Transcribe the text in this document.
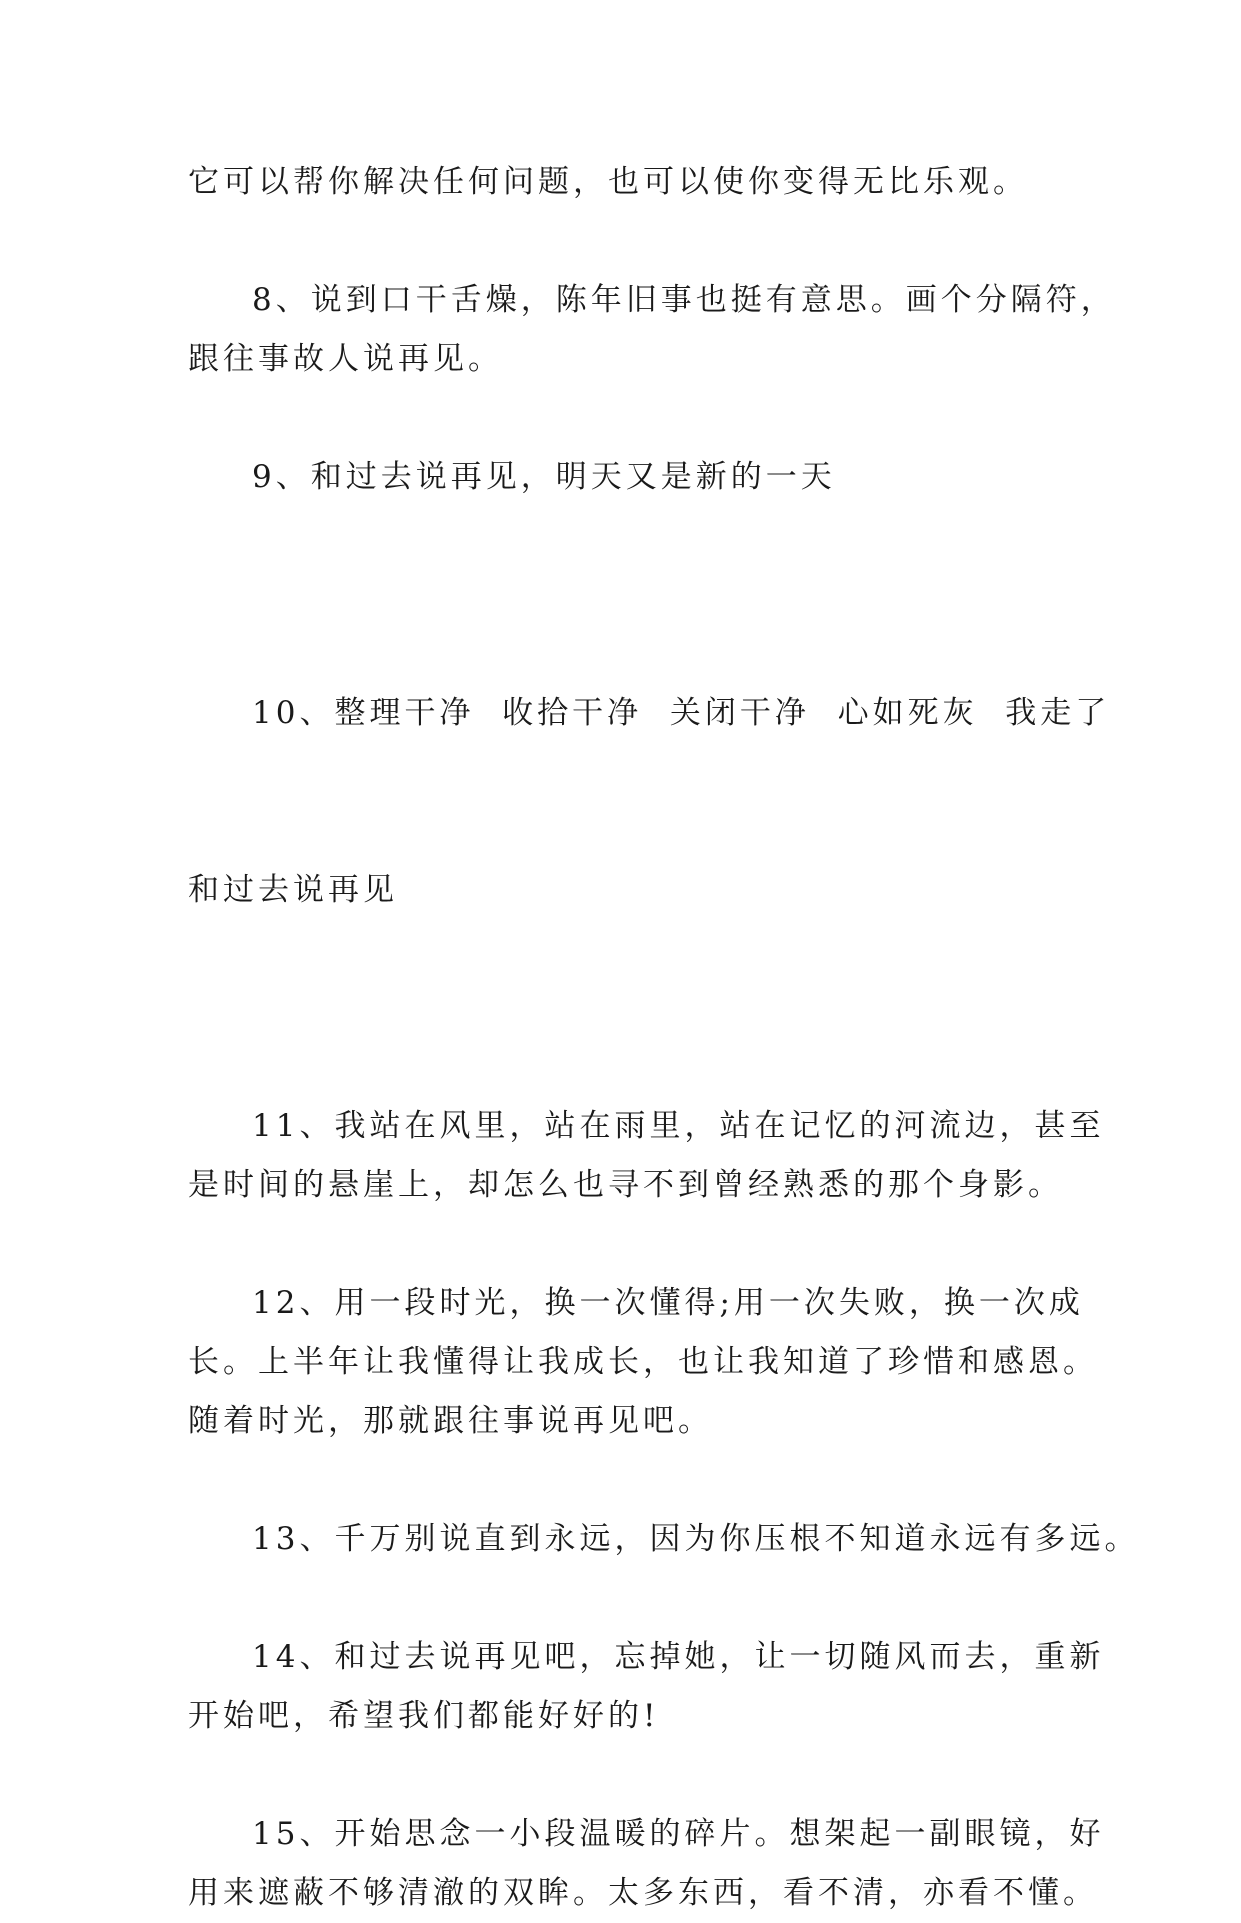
它可以帮你解决任何问题，也可以使你变得无比乐观。

8、说到口干舌燥，陈年旧事也挺有意思。画个分隔符，
跟往事故人说再见。

9、和过去说再见，明天又是新的一天

10、整理干净  收拾干净  关闭干净  心如死灰  我走了

和过去说再见

11、我站在风里，站在雨里，站在记忆的河流边，甚至
是时间的悬崖上，却怎么也寻不到曾经熟悉的那个身影。

12、用一段时光，换一次懂得;用一次失败，换一次成
长。上半年让我懂得让我成长，也让我知道了珍惜和感恩。
随着时光，那就跟往事说再见吧。

13、千万别说直到永远，因为你压根不知道永远有多远。

14、和过去说再见吧，忘掉她，让一切随风而去，重新
开始吧，希望我们都能好好的!

15、开始思念一小段温暖的碎片。想架起一副眼镜，好
用来遮蔽不够清澈的双眸。太多东西，看不清，亦看不懂。
